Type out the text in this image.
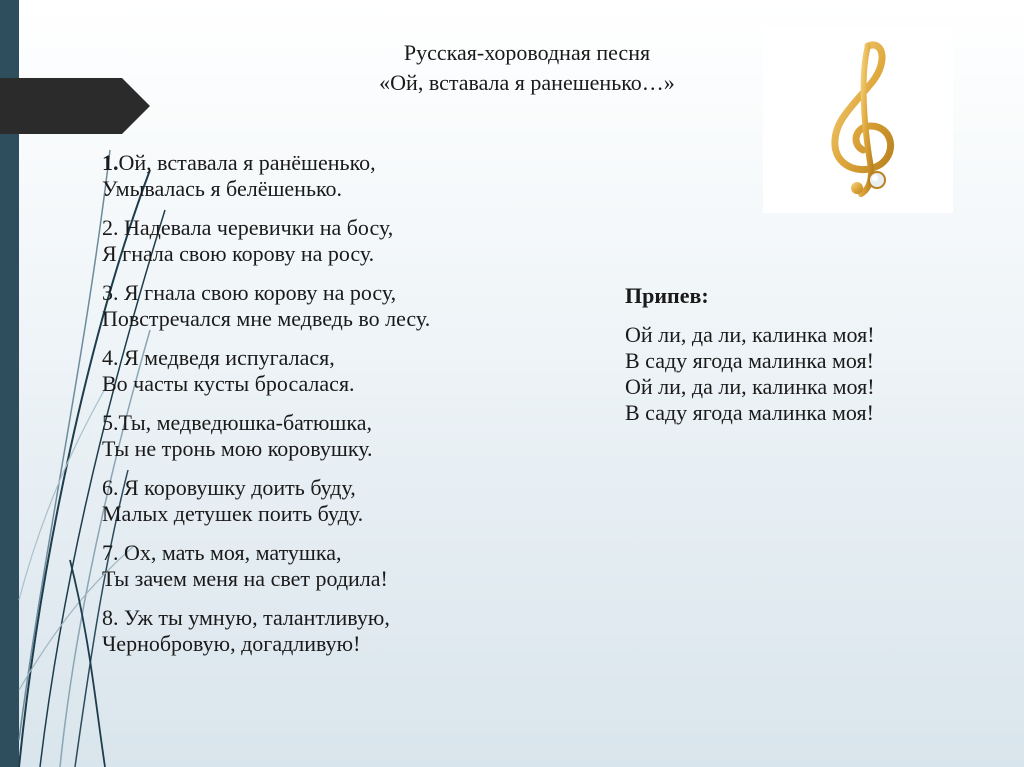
Русская-хороводная песня
«Ой, вставала я ранешенько…»
1.Ой, вставала я ранёшенько,
Умывалась я белёшенько.
2. Надевала черевички на босу,
Я гнала свою корову на росу.
3. Я гнала свою корову на росу,
Повстречался мне медведь во лесу.
4. Я медведя испугалася,
Во часты кусты бросалася.
5.Ты, медведюшка-батюшка,
Ты не тронь мою коровушку.
6. Я коровушку доить буду,
Малых детушек поить буду.
7. Ох, мать моя, матушка,
Ты зачем меня на свет родила!
8. Уж ты умную, талантливую,
Чернобровую, догадливую!
Припев:
Ой ли, да ли, калинка моя!
В саду ягода малинка моя!
Ой ли, да ли, калинка моя!
В саду ягода малинка моя!
